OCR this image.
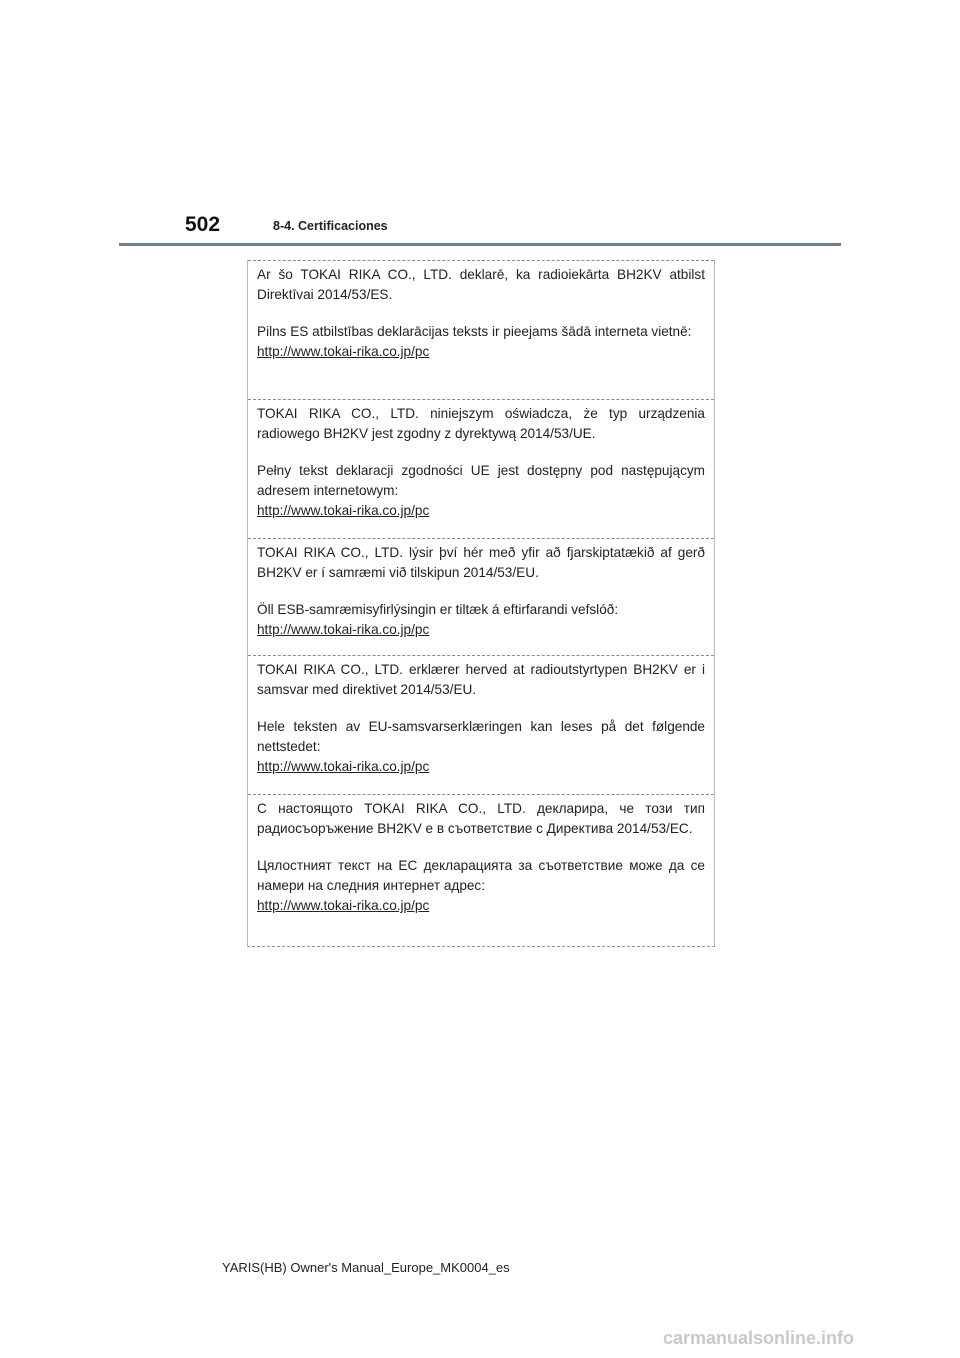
502	8-4. Certificaciones

Ar šo TOKAI RIKA CO., LTD. deklarē, ka radioiekārta BH2KV atbilst Direktīvai 2014/53/ES.

Pilns ES atbilstības deklarācijas teksts ir pieejams šādā interneta vietnē:

http://www.tokai-rika.co.jp/pc

TOKAI RIKA CO., LTD. niniejszym oświadcza, że typ urządzenia radiowego BH2KV jest zgodny z dyrektywą 2014/53/UE.

Pełny tekst deklaracji zgodności UE jest dostępny pod następującym adresem internetowym:

http://www.tokai-rika.co.jp/pc

TOKAI RIKA CO., LTD. lýsir því hér með yfir að fjarskiptatækið af gerð BH2KV er í samræmi við tilskipun 2014/53/EU.

Öll ESB-samræmisyfirlýsingin er tiltæk á eftirfarandi vefslóð:

http://www.tokai-rika.co.jp/pc

TOKAI RIKA CO., LTD. erklærer herved at radioutstyrtypen BH2KV er i samsvar med direktivet 2014/53/EU.

Hele teksten av EU-samsvarserklæringen kan leses på det følgende nettstedet:

http://www.tokai-rika.co.jp/pc

С настоящото TOKAI RIKA CO., LTD. декларира, че този тип радиосъоръжение BH2KV е в съответствие с Директива 2014/53/ЕС.

Цялостният текст на ЕС декларацията за съответствие може да се намери на следния интернет адрес:

http://www.tokai-rika.co.jp/pc

YARIS(HB) Owner's Manual_Europe_MK0004_es
carmanualsonline.info
